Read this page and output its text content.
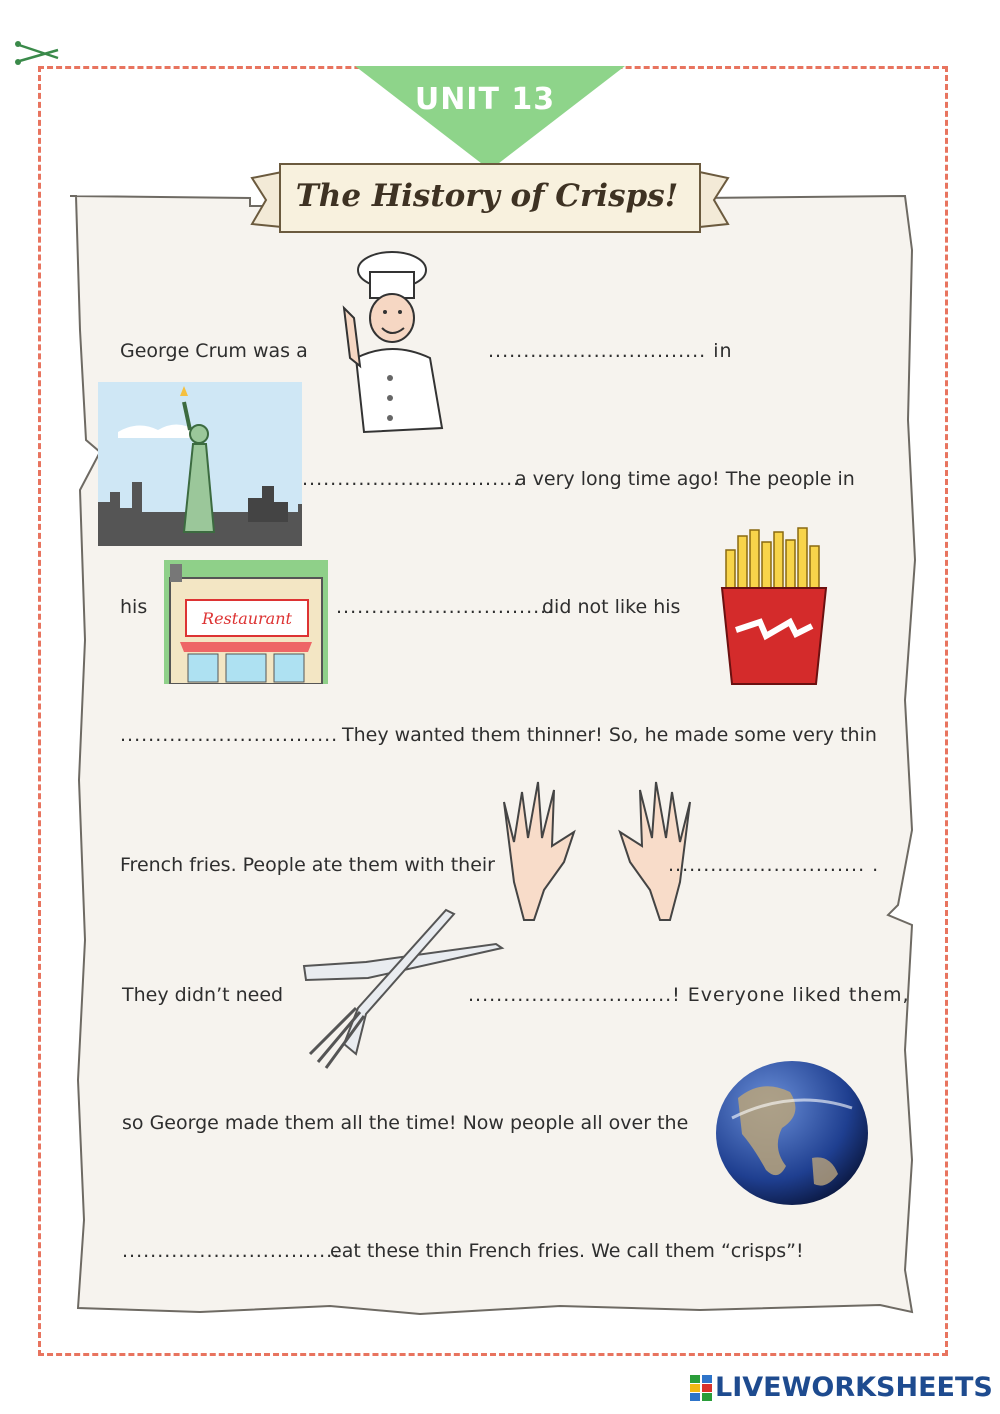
UNIT 13
The History of Crisps!
George Crum was a	............................... in
...............................
a very long time ago! The people in
Restaurant
his	...............................
did not like his
............................... .
They wanted them thinner! So, he made some very thin
French fries. People ate them with their	............................ .
They didn’t need	.............................! Everyone liked them,
so George made them all the time! Now people all over the
...............................
eat these thin French fries. We call them “crisps”!
LIVEWORKSHEETS
